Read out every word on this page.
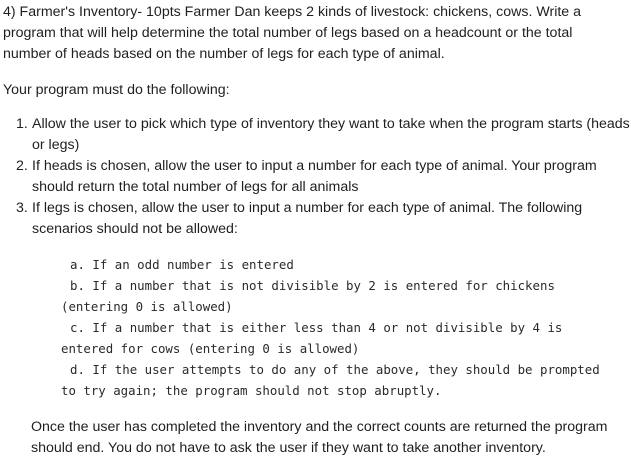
4) Farmer's Inventory- 10pts Farmer Dan keeps 2 kinds of livestock: chickens, cows. Write a program that will help determine the total number of legs based on a headcount or the total number of heads based on the number of legs for each type of animal.

Your program must do the following:

1. Allow the user to pick which type of inventory they want to take when the program starts (heads or legs)
2. If heads is chosen, allow the user to input a number for each type of animal. Your program should return the total number of legs for all animals
3. If legs is chosen, allow the user to input a number for each type of animal. The following scenarios should not be allowed:
a. If an odd number is entered
b. If a number that is not divisible by 2 is entered for chickens (entering 0 is allowed)
c. If a number that is either less than 4 or not divisible by 4 is entered for cows (entering 0 is allowed)
d. If the user attempts to do any of the above, they should be prompted to try again; the program should not stop abruptly.

Once the user has completed the inventory and the correct counts are returned the program should end. You do not have to ask the user if they want to take another inventory.
